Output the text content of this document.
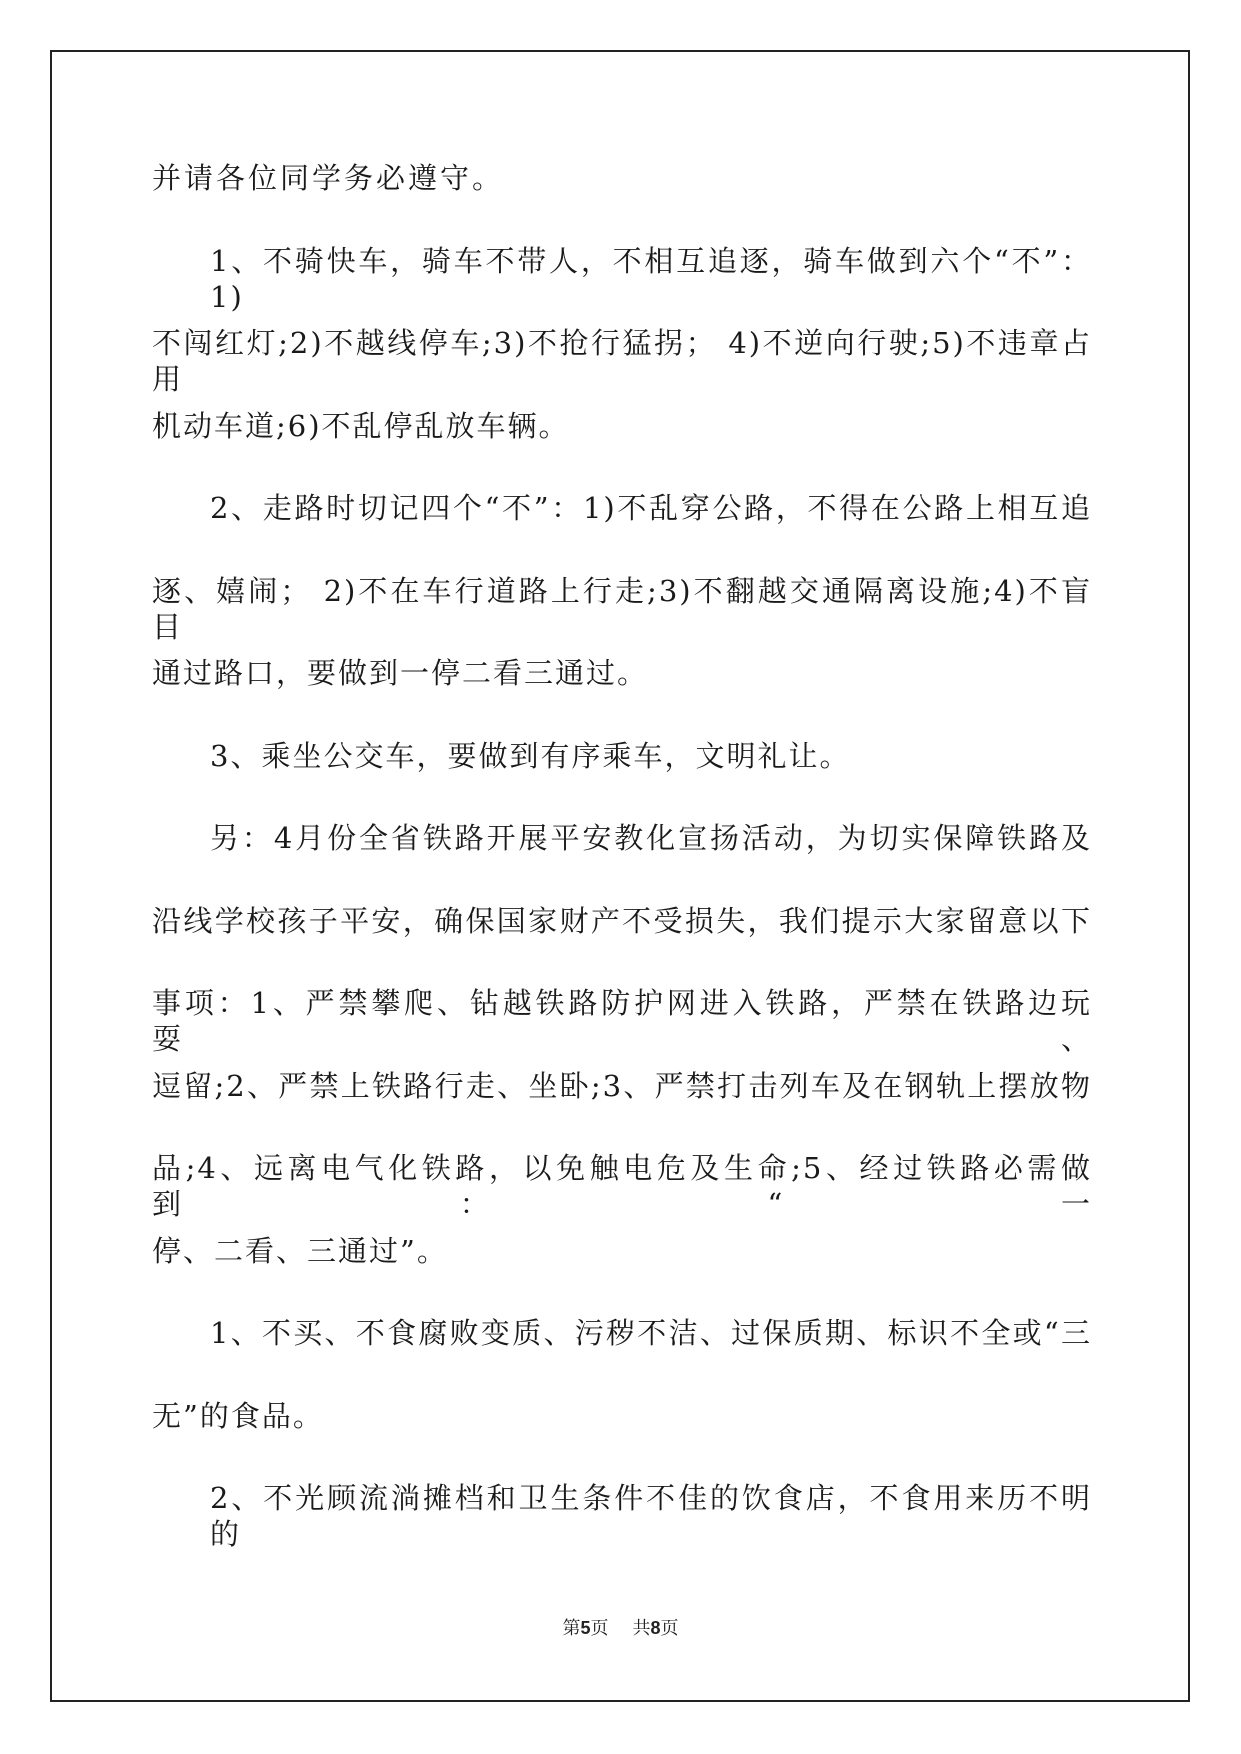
并请各位同学务必遵守。
1、不骑快车，骑车不带人，不相互追逐，骑车做到六个“不”：1)
不闯红灯;2)不越线停车;3)不抢行猛拐； 4)不逆向行驶;5)不违章占用
机动车道;6)不乱停乱放车辆。
2、走路时切记四个“不”：1)不乱穿公路，不得在公路上相互追
逐、嬉闹； 2)不在车行道路上行走;3)不翻越交通隔离设施;4)不盲目
通过路口，要做到一停二看三通过。
3、乘坐公交车，要做到有序乘车，文明礼让。
另：4月份全省铁路开展平安教化宣扬活动，为切实保障铁路及
沿线学校孩子平安，确保国家财产不受损失，我们提示大家留意以下
事项：1、严禁攀爬、钻越铁路防护网进入铁路，严禁在铁路边玩耍、
逗留;2、严禁上铁路行走、坐卧;3、严禁打击列车及在钢轨上摆放物
品;4、远离电气化铁路，以免触电危及生命;5、经过铁路必需做到：“一
停、二看、三通过”。
1、不买、不食腐败变质、污秽不洁、过保质期、标识不全或“三
无”的食品。
2、不光顾流淌摊档和卫生条件不佳的饮食店，不食用来历不明的
第5页 共8页
